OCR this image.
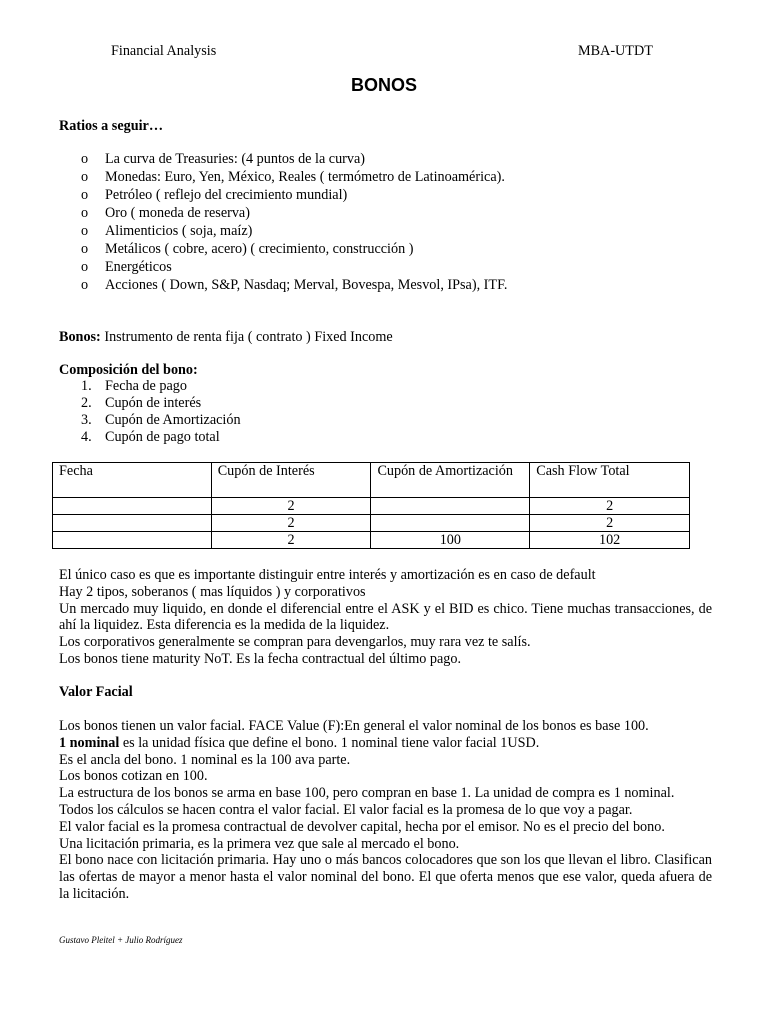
Financial Analysis	MBA-UTDT
BONOS
Ratios a seguir…
o La curva de Treasuries: (4 puntos de la curva)
o Monedas: Euro, Yen, México, Reales ( termómetro de Latinoamérica).
o Petróleo ( reflejo del crecimiento mundial)
o Oro ( moneda de reserva)
o Alimenticios ( soja, maíz)
o Metálicos ( cobre, acero) ( crecimiento, construcción )
o Energéticos
o Acciones ( Down, S&P, Nasdaq; Merval, Bovespa, Mesvol, IPsa), ITF.
Bonos: Instrumento de renta fija ( contrato ) Fixed Income
Composición del bono:
1. Fecha de pago
2. Cupón de interés
3. Cupón de Amortización
4. Cupón de pago total
Fecha	Cupón de Interés	Cupón de Amortización	Cash Flow Total
	2		2
	2		2
	2	100	102

El único caso es que es importante distinguir entre interés y amortización es en caso de default

Hay 2 tipos, soberanos ( mas líquidos ) y corporativos

Un mercado muy liquido, en donde el diferencial entre el ASK y el BID es chico. Tiene muchas transacciones, de ahí la liquidez. Esta diferencia es la medida de la liquidez.

Los corporativos generalmente se compran para devengarlos, muy rara vez te salís.

Los bonos tiene maturity NoT. Es la fecha contractual del último pago.

Valor Facial

Los bonos tienen un valor facial. FACE Value (F):En general el valor nominal de los bonos es base 100.

1 nominal es la unidad física que define el bono. 1 nominal tiene valor facial 1USD.

Es el ancla del bono. 1 nominal es la 100 ava parte.

Los bonos cotizan en 100.

La estructura de los bonos se arma en base 100, pero compran en base 1. La unidad de compra es 1 nominal.

Todos los cálculos se hacen contra el valor facial. El valor facial es la promesa de lo que voy a pagar.

El valor facial es la promesa contractual de devolver capital, hecha por el emisor. No es el precio del bono.

Una licitación primaria, es la primera vez que sale al mercado el bono.

El bono nace con licitación primaria. Hay uno o más bancos colocadores que son los que llevan el libro. Clasifican las ofertas de mayor a menor hasta el valor nominal del bono. El que oferta menos que ese valor, queda afuera de la licitación.

Gustavo Pleitel + Julio Rodríguez
